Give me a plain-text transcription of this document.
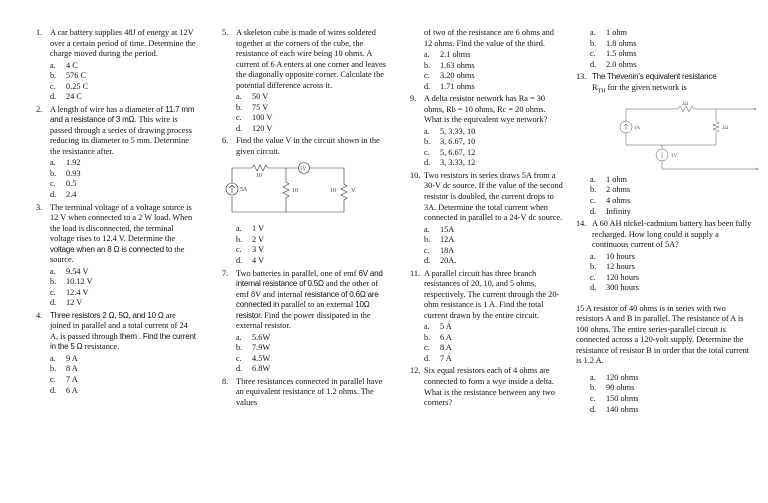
1. A car battery supplies 48J of energy at 12V over a certain period of time. Determine the charge moved during the period.
a.	4 C
b.	576 C
c.	0.25 C
d.	24 C
2. A length of wire has a diameter of 11.7 mm and a resistance of 3 mΩ. This wire is passed through a series of drawing process reducing its diameter to 5 mm. Determine the resistance after.
a.	1.92
b.	0.93
c.	0.5
d.	2.4
3. The terminal voltage of a voltage source is 12 V when connected to a 2 W load. When the load is disconnected, the terminal voltage rises to 12.4 V. Determine the voltage when an 8 Ω is connected to the source.
a.	9.54 V
b.	10.12 V
c.	12.4 V
d.	12 V
4. Three resistors 2 Ω, 5Ω, and 10 Ω are joined in parallel and a total current of 24 A, is passed through them . Find the current in the 5 Ω resistance.
a.	9 A
b.	8 A
c.	7 A
d.	6 A
5. A skeleton cube is made of wires soldered together at the corners of the cube, the resistance of each wire being 10 ohms. A current of 6 A enters at one corner and leaves the diagonally opposite corner. Calculate the potential difference across it.
a.	50 V
b.	75 V
c.	100 V
d.	120 V
6. Find the value V in the circuit shown in the given circuit.
10
5V
5A	10	10	V
a.	1 V
b.	2 V
c.	3 V
d.	4 V
7. Two batteries in parallel, one of emf 6V and internal resistance of 0.5Ω and the other of emf 8V and internal resistance of 0.6Ω are connected in parallel to an external 10Ω resistor. Find the power dissipated in the external resistor.
a.	5.6W
b.	7.9W
c.	4.5W
d.	6.8W
8. Three resistances connected in parallel have an equivalent resistance of 1.2 ohms. The values
of two of the resistance are 6 ohms and 12 ohms. Find the value of the third.
a.	2.1 ohms
b.	1.63 ohms
c.	3.20 ohms
d.	1.71 ohms
9. A delta resistor network has Ra = 30 ohms, Rb = 10 ohms, Rc = 20 ohms. What is the equivalent wye network?
a.	5, 3.33, 10
b.	3, 6.67, 10
c.	5, 6.67, 12
d.	3, 3.33, 12
10. Two resistors in series draws 5A from a 30-V dc source. If the value of the second resistor is doubled, the current drops to 3A. Determine the total current when connected in parallel to a 24-V dc source.
a.	15A
b.	12A
c.	18A
d.	20A.
11. A parallel circuit has three branch resistances of 20, 10, and 5 ohms, respectively. The current through the 20-ohm resistance is 1 A. Find the total current drawn by the entire circuit.
a.	5 A
b.	6 A
c.	8 A
d.	7 A
12. Six equal resistors each of 4 ohms are connected to form a wye inside a delta. What is the resistance between any two corners?
a.	1 ohm
b.	1.8 ohms
c.	1.5 ohms
d.	2.0 ohms
13. The Thevenin's equivalent resistance
$R_{TH}$ for the given network is
2Ω
1A	2Ω
1V
a.	1 ohm
b.	2 ohms
c.	4 ohms
d.	Infinity
14. A 60 AH nickel-cadmium battery has been fully recharged. How long could it supply a continuous current of 5A?
a.	10 hours
b.	12 hours
c.	120 hours
d.	300 hours
15 A resistor of 40 ohms is in series with two resistors A and B in parallel. The resistance of A is 100 ohms. The entire series-parallel circuit is connected across a 120-volt supply. Determine the resistance of resistor B in order that the total current is 1.2 A.
a.	120 ohms
b.	90 ohms
c.	150 ohms
d.	140 ohms
